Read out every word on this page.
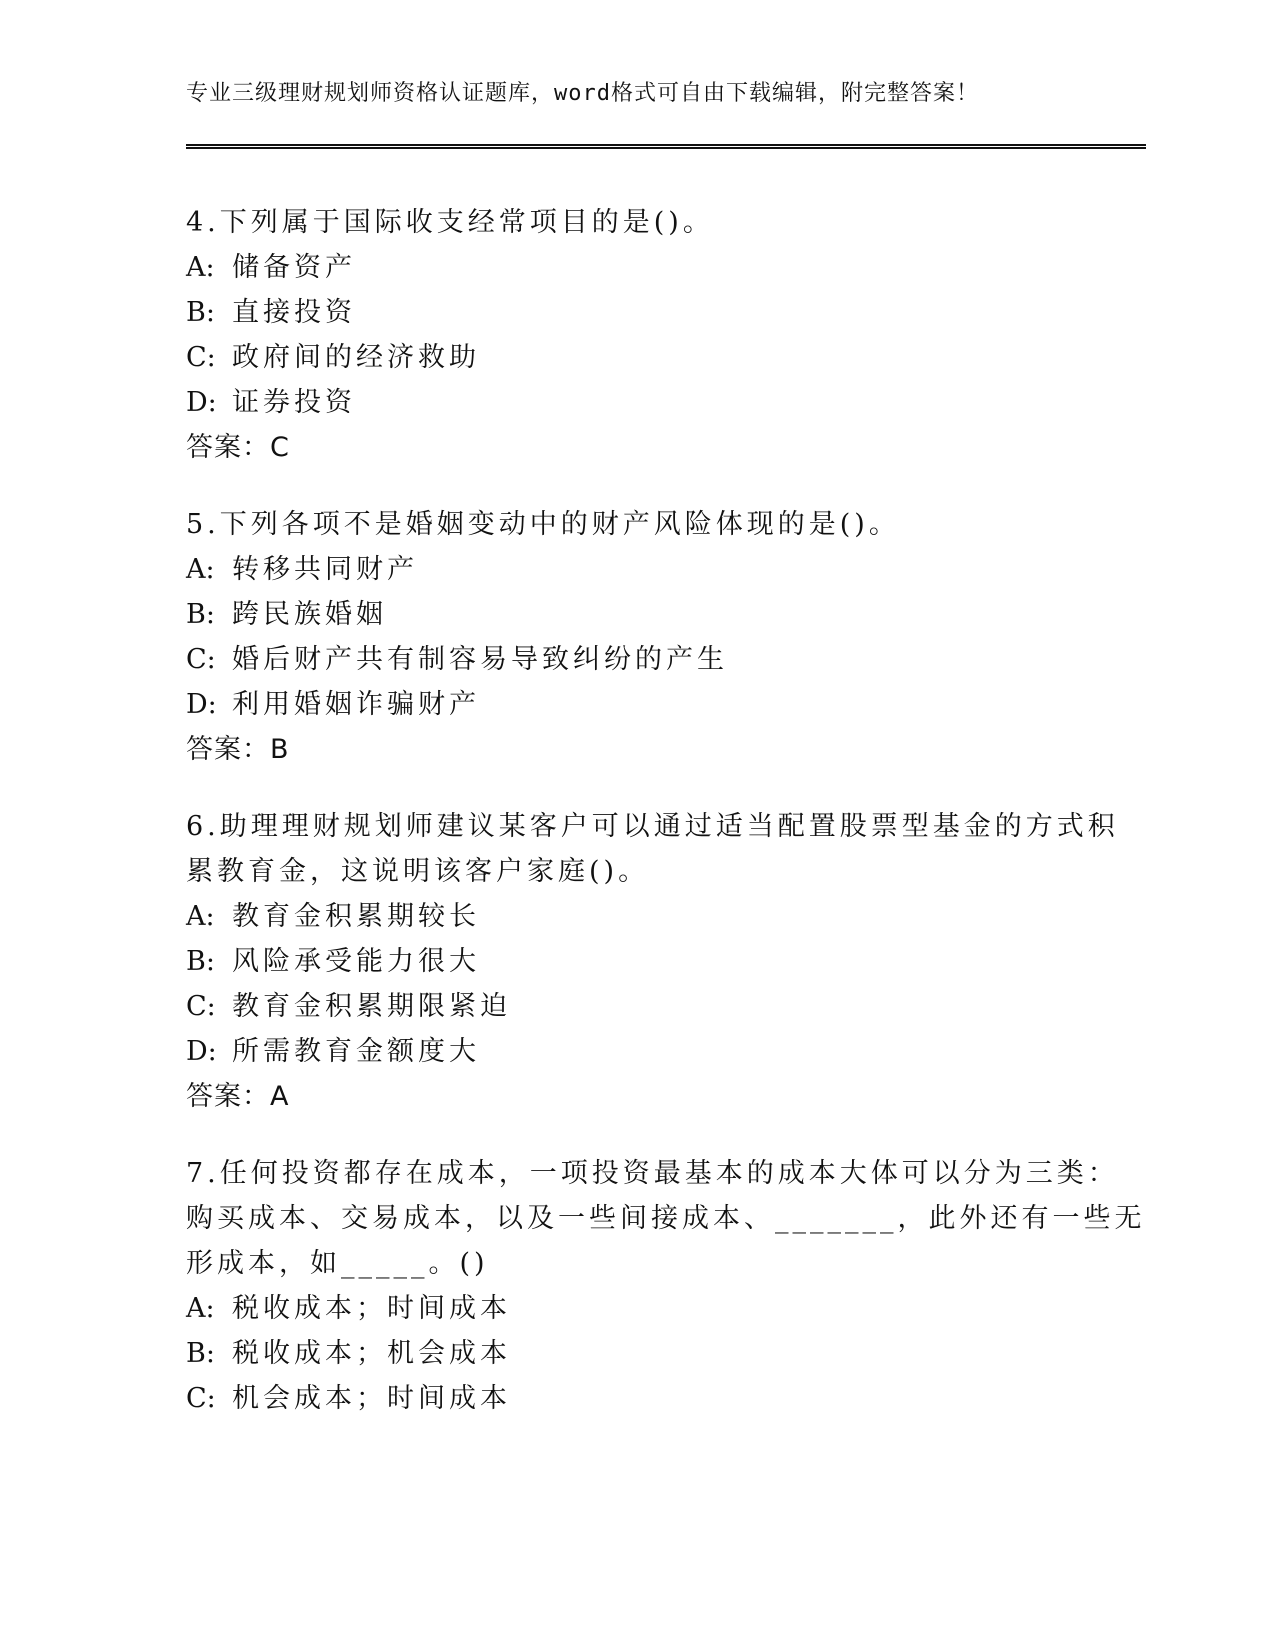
专业三级理财规划师资格认证题库，word格式可自由下载编辑，附完整答案！
4.下列属于国际收支经常项目的是()。
A: 储备资产
B: 直接投资
C: 政府间的经济救助
D: 证券投资
答案：C
5.下列各项不是婚姻变动中的财产风险体现的是()。
A: 转移共同财产
B: 跨民族婚姻
C: 婚后财产共有制容易导致纠纷的产生
D: 利用婚姻诈骗财产
答案：B
6.助理理财规划师建议某客户可以通过适当配置股票型基金的方式积
累教育金，这说明该客户家庭()。
A: 教育金积累期较长
B: 风险承受能力很大
C: 教育金积累期限紧迫
D: 所需教育金额度大
答案：A
7.任何投资都存在成本，一项投资最基本的成本大体可以分为三类：
购买成本、交易成本，以及一些间接成本、_______，此外还有一些无
形成本，如_____。()
A: 税收成本；时间成本
B: 税收成本；机会成本
C: 机会成本；时间成本
